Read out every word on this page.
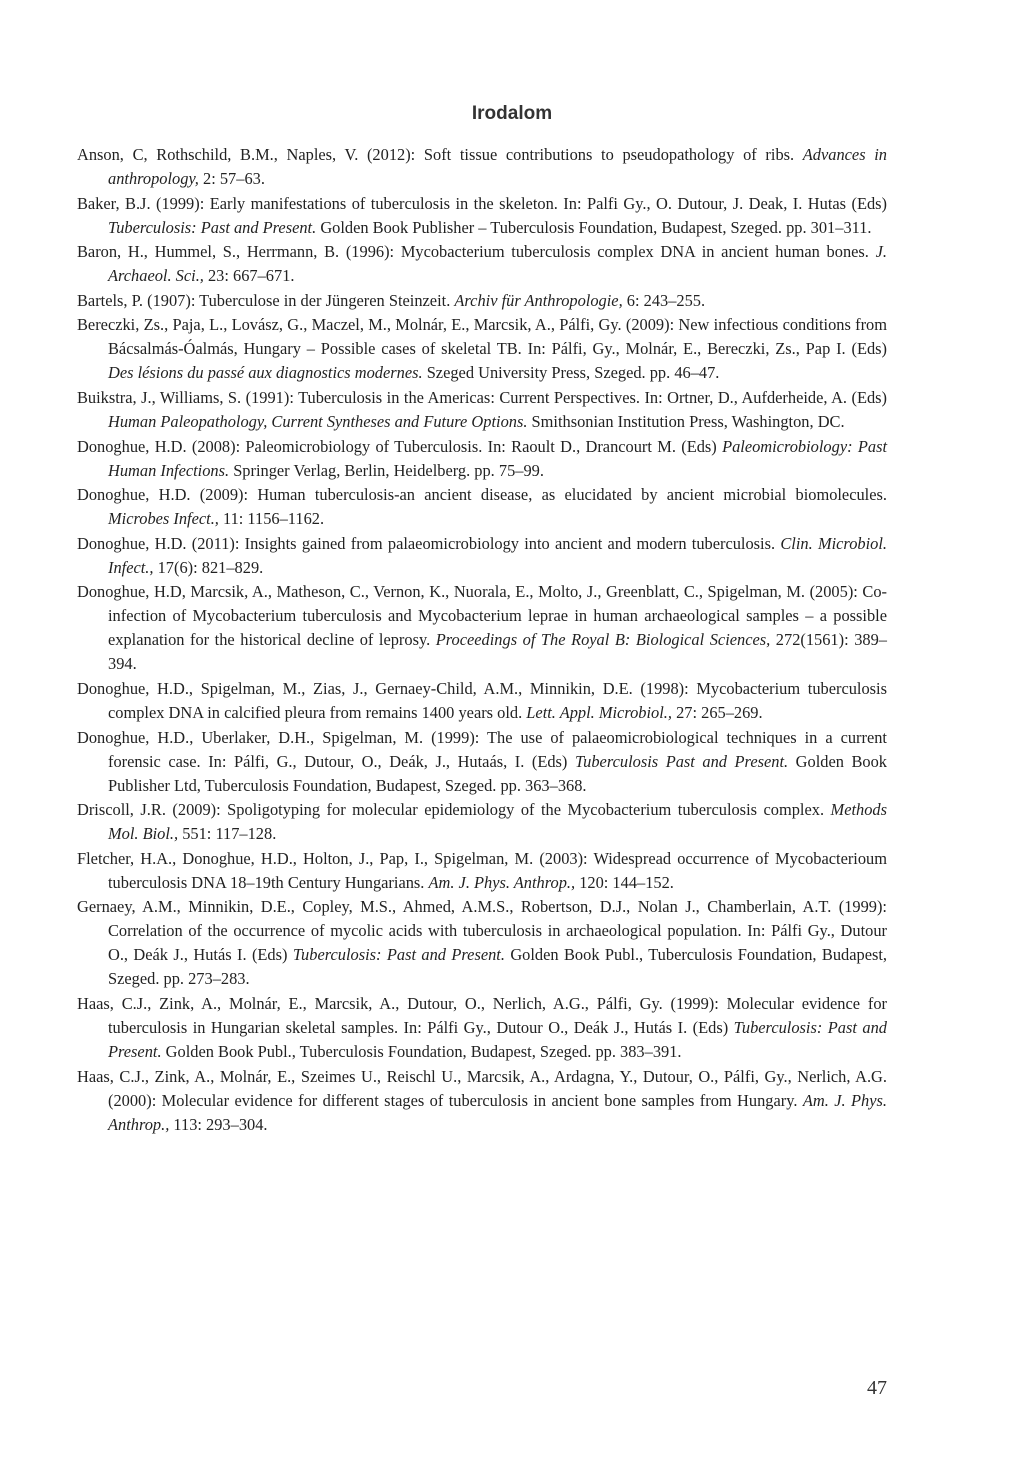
Irodalom
Anson, C, Rothschild, B.M., Naples, V. (2012): Soft tissue contributions to pseudopathology of ribs. Advances in anthropology, 2: 57–63.
Baker, B.J. (1999): Early manifestations of tuberculosis in the skeleton. In: Palfi Gy., O. Dutour, J. Deak, I. Hutas (Eds) Tuberculosis: Past and Present. Golden Book Publisher – Tuberculosis Foundation, Budapest, Szeged. pp. 301–311.
Baron, H., Hummel, S., Herrmann, B. (1996): Mycobacterium tuberculosis complex DNA in ancient human bones. J. Archaeol. Sci., 23: 667–671.
Bartels, P. (1907): Tuberculose in der Jüngeren Steinzeit. Archiv für Anthropologie, 6: 243–255.
Bereczki, Zs., Paja, L., Lovász, G., Maczel, M., Molnár, E., Marcsik, A., Pálfi, Gy. (2009): New infectious conditions from Bácsalmás-Óalmás, Hungary – Possible cases of skeletal TB. In: Pálfi, Gy., Molnár, E., Bereczki, Zs., Pap I. (Eds) Des lésions du passé aux diagnostics modernes. Szeged University Press, Szeged. pp. 46–47.
Buikstra, J., Williams, S. (1991): Tuberculosis in the Americas: Current Perspectives. In: Ortner, D., Aufderheide, A. (Eds) Human Paleopathology, Current Syntheses and Future Options. Smithsonian Institution Press, Washington, DC.
Donoghue, H.D. (2008): Paleomicrobiology of Tuberculosis. In: Raoult D., Drancourt M. (Eds) Paleomicrobiology: Past Human Infections. Springer Verlag, Berlin, Heidelberg. pp. 75–99.
Donoghue, H.D. (2009): Human tuberculosis-an ancient disease, as elucidated by ancient microbial biomolecules. Microbes Infect., 11: 1156–1162.
Donoghue, H.D. (2011): Insights gained from palaeomicrobiology into ancient and modern tuberculosis. Clin. Microbiol. Infect., 17(6): 821–829.
Donoghue, H.D, Marcsik, A., Matheson, C., Vernon, K., Nuorala, E., Molto, J., Greenblatt, C., Spigelman, M. (2005): Co-infection of Mycobacterium tuberculosis and Mycobacterium leprae in human archaeological samples – a possible explanation for the historical decline of leprosy. Proceedings of The Royal B: Biological Sciences, 272(1561): 389–394.
Donoghue, H.D., Spigelman, M., Zias, J., Gernaey-Child, A.M., Minnikin, D.E. (1998): Mycobacterium tuberculosis complex DNA in calcified pleura from remains 1400 years old. Lett. Appl. Microbiol., 27: 265–269.
Donoghue, H.D., Uberlaker, D.H., Spigelman, M. (1999): The use of palaeomicrobiological techniques in a current forensic case. In: Pálfi, G., Dutour, O., Deák, J., Hutaás, I. (Eds) Tuberculosis Past and Present. Golden Book Publisher Ltd, Tuberculosis Foundation, Budapest, Szeged. pp. 363–368.
Driscoll, J.R. (2009): Spoligotyping for molecular epidemiology of the Mycobacterium tuberculosis complex. Methods Mol. Biol., 551: 117–128.
Fletcher, H.A., Donoghue, H.D., Holton, J., Pap, I., Spigelman, M. (2003): Widespread occurrence of Mycobacterioum tuberculosis DNA 18–19th Century Hungarians. Am. J. Phys. Anthrop., 120: 144–152.
Gernaey, A.M., Minnikin, D.E., Copley, M.S., Ahmed, A.M.S., Robertson, D.J., Nolan J., Chamberlain, A.T. (1999): Correlation of the occurrence of mycolic acids with tuberculosis in archaeological population. In: Pálfi Gy., Dutour O., Deák J., Hutás I. (Eds) Tuberculosis: Past and Present. Golden Book Publ., Tuberculosis Foundation, Budapest, Szeged. pp. 273–283.
Haas, C.J., Zink, A., Molnár, E., Marcsik, A., Dutour, O., Nerlich, A.G., Pálfi, Gy. (1999): Molecular evidence for tuberculosis in Hungarian skeletal samples. In: Pálfi Gy., Dutour O., Deák J., Hutás I. (Eds) Tuberculosis: Past and Present. Golden Book Publ., Tuberculosis Foundation, Budapest, Szeged. pp. 383–391.
Haas, C.J., Zink, A., Molnár, E., Szeimes U., Reischl U., Marcsik, A., Ardagna, Y., Dutour, O., Pálfi, Gy., Nerlich, A.G. (2000): Molecular evidence for different stages of tuberculosis in ancient bone samples from Hungary. Am. J. Phys. Anthrop., 113: 293–304.
47
